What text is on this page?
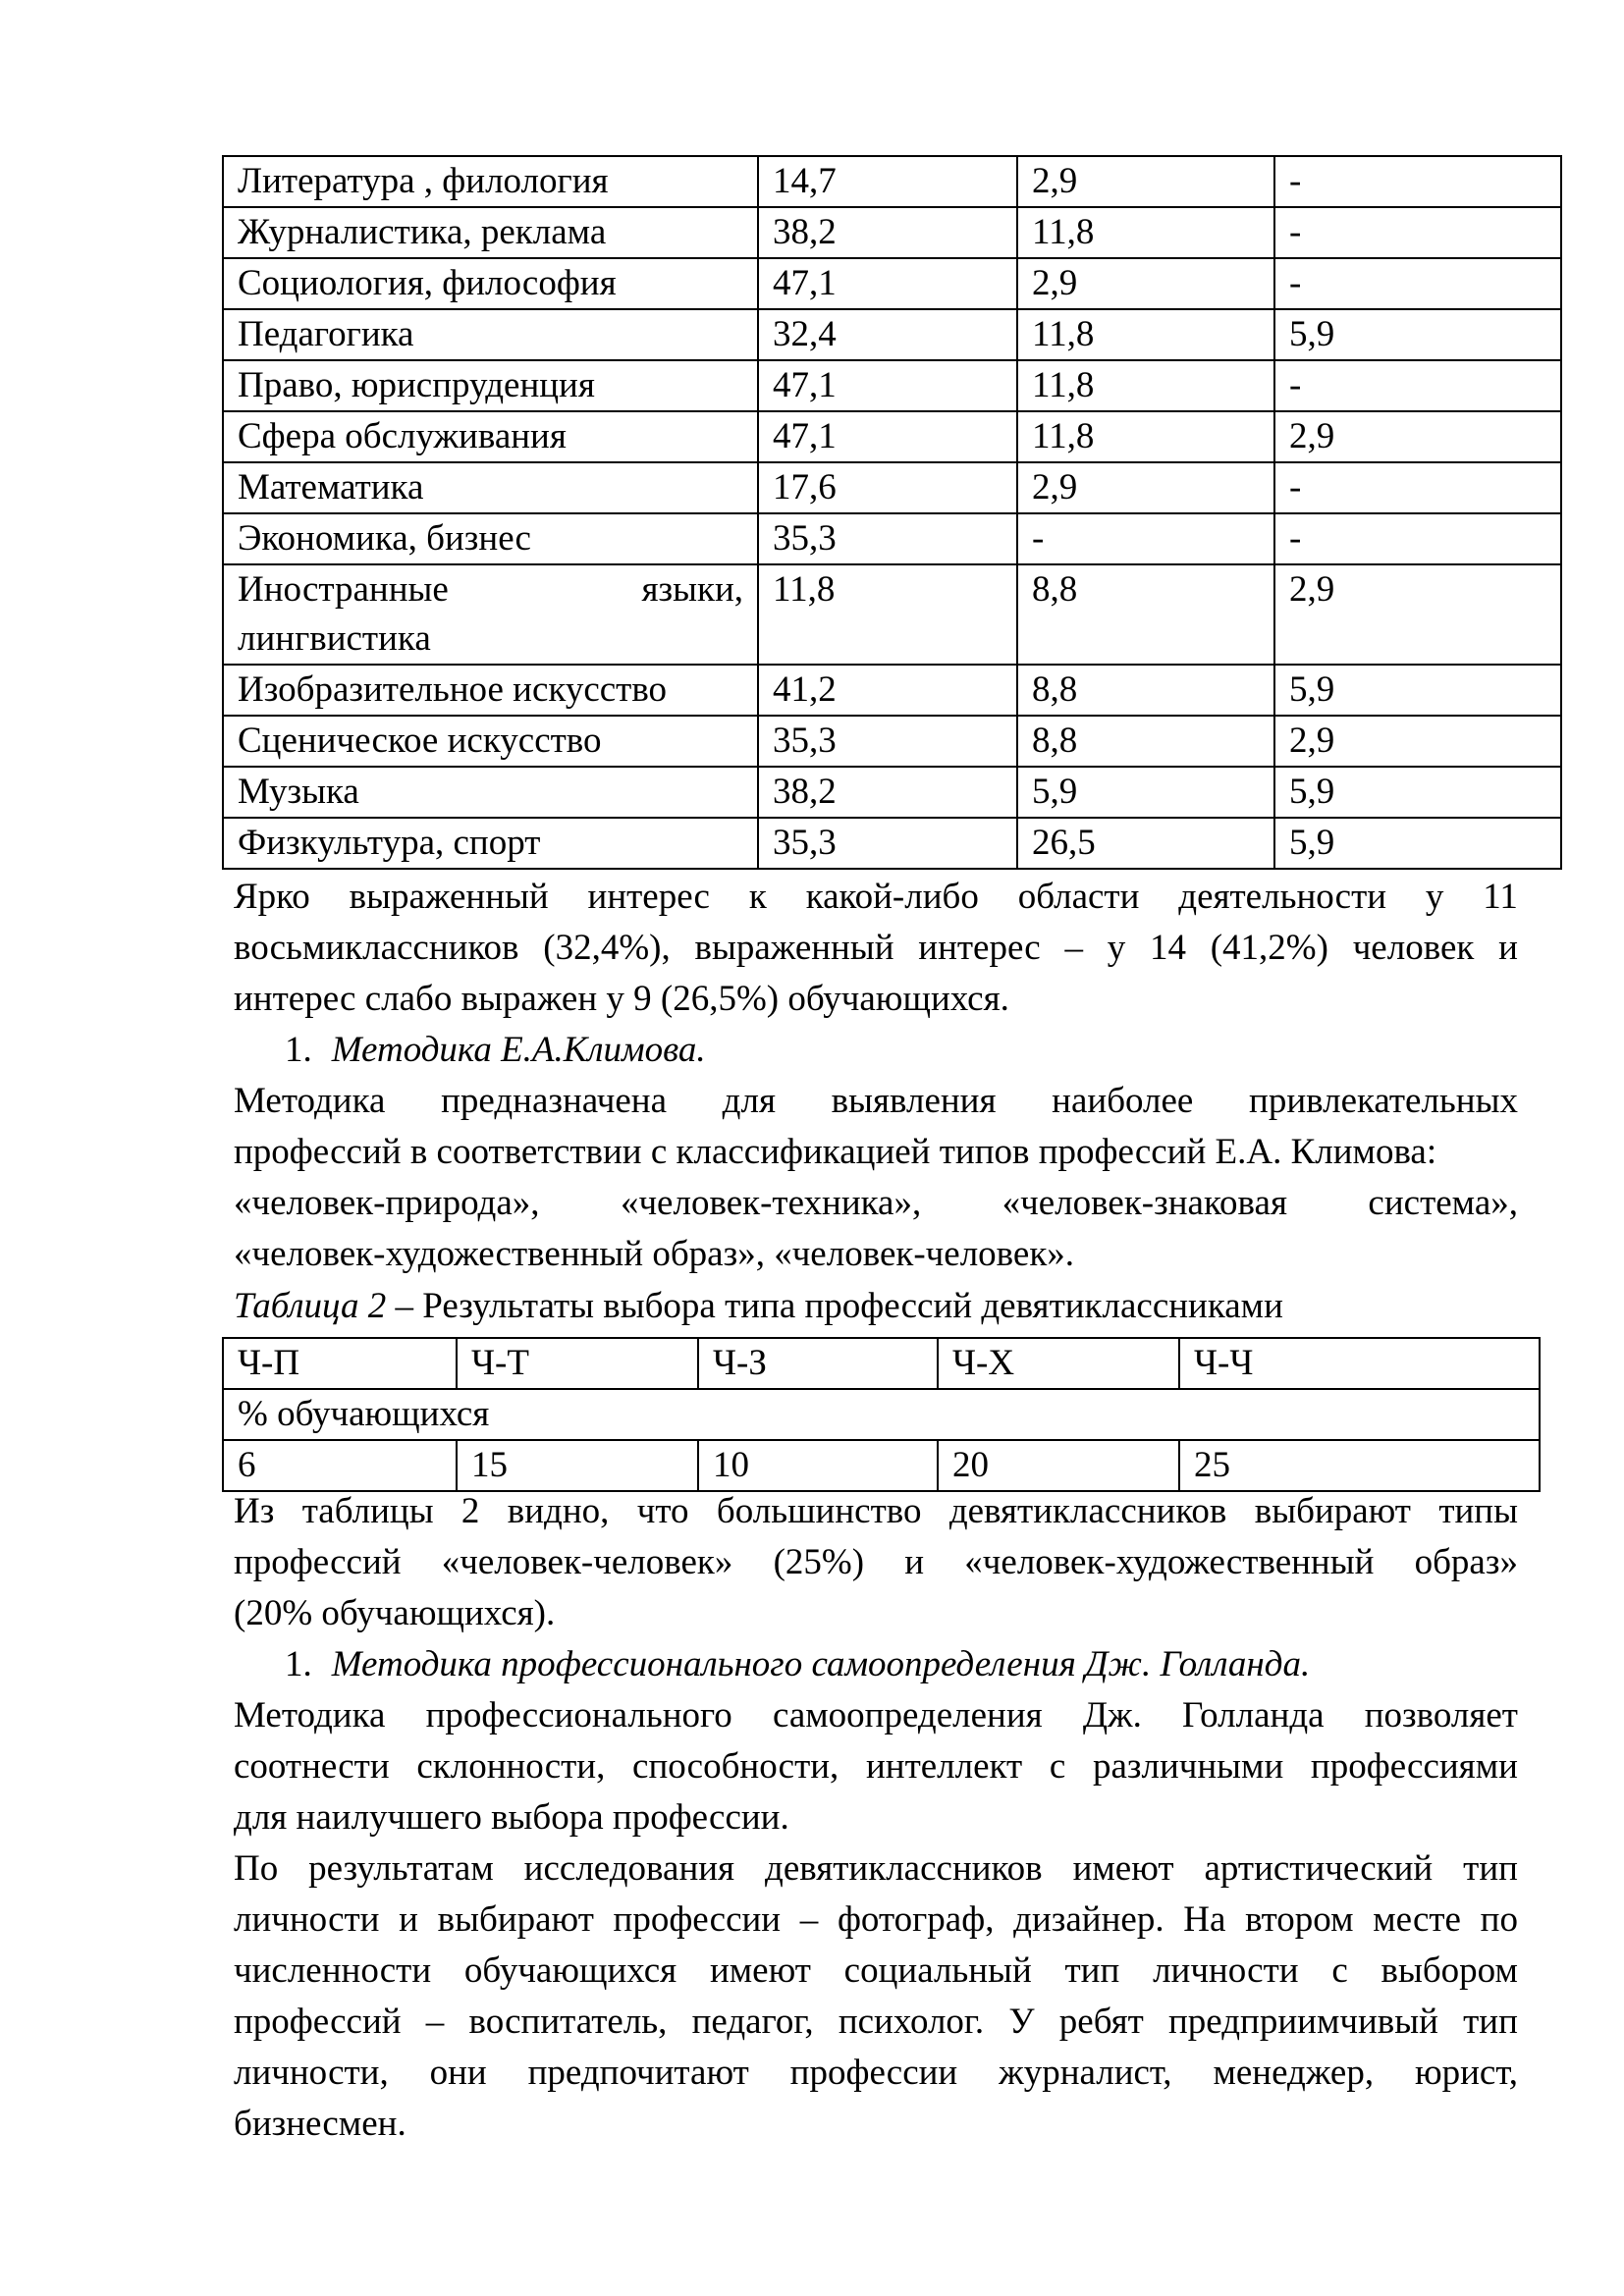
Литература , филология	14,7	2,9	-
Журналистика, реклама	38,2	11,8	-
Социология, философия	47,1	2,9	-
Педагогика	32,4	11,8	5,9
Право, юриспруденция	47,1	11,8	-
Сфера обслуживания	47,1	11,8	2,9
Математика	17,6	2,9	-
Экономика, бизнес	35,3	-	-

Иностранные языки,
лингвистика	11,8	8,8	2,9
Изобразительное искусство	41,2	8,8	5,9
Сценическое искусство	35,3	8,8	2,9
Музыка	38,2	5,9	5,9
Физкультура, спорт	35,3	26,5	5,9
Ярко выраженный интерес к какой-либо области деятельности у 11
восьмиклассников (32,4%), выраженный интерес – у 14 (41,2%) человек и
интерес слабо выражен у 9 (26,5%) обучающихся.
1. Методика Е.А.Климова.
Методика предназначена для выявления наиболее привлекательных
профессий в соответствии с классификацией типов профессий Е.А. Климова:
«человек-природа», «человек-техника», «человек-знаковая система»,
«человек-художественный образ», «человек-человек».
Таблица 2 – Результаты выбора типа профессий девятиклассниками
Ч-П	Ч-Т	Ч-З	Ч-Х	Ч-Ч
% обучающихся				
6	15	10	20	25
Из таблицы 2 видно, что большинство девятиклассников выбирают типы
профессий «человек-человек» (25%) и «человек-художественный образ»
(20% обучающихся).
1. Методика профессионального самоопределения Дж. Голланда.
Методика профессионального самоопределения Дж. Голланда позволяет
соотнести склонности, способности, интеллект с различными профессиями
для наилучшего выбора профессии.
По результатам исследования девятиклассников имеют артистический тип
личности и выбирают профессии – фотограф, дизайнер. На втором месте по
численности обучающихся имеют социальный тип личности с выбором
профессий – воспитатель, педагог, психолог. У ребят предприимчивый тип
личности, они предпочитают профессии журналист, менеджер, юрист,
бизнесмен.
